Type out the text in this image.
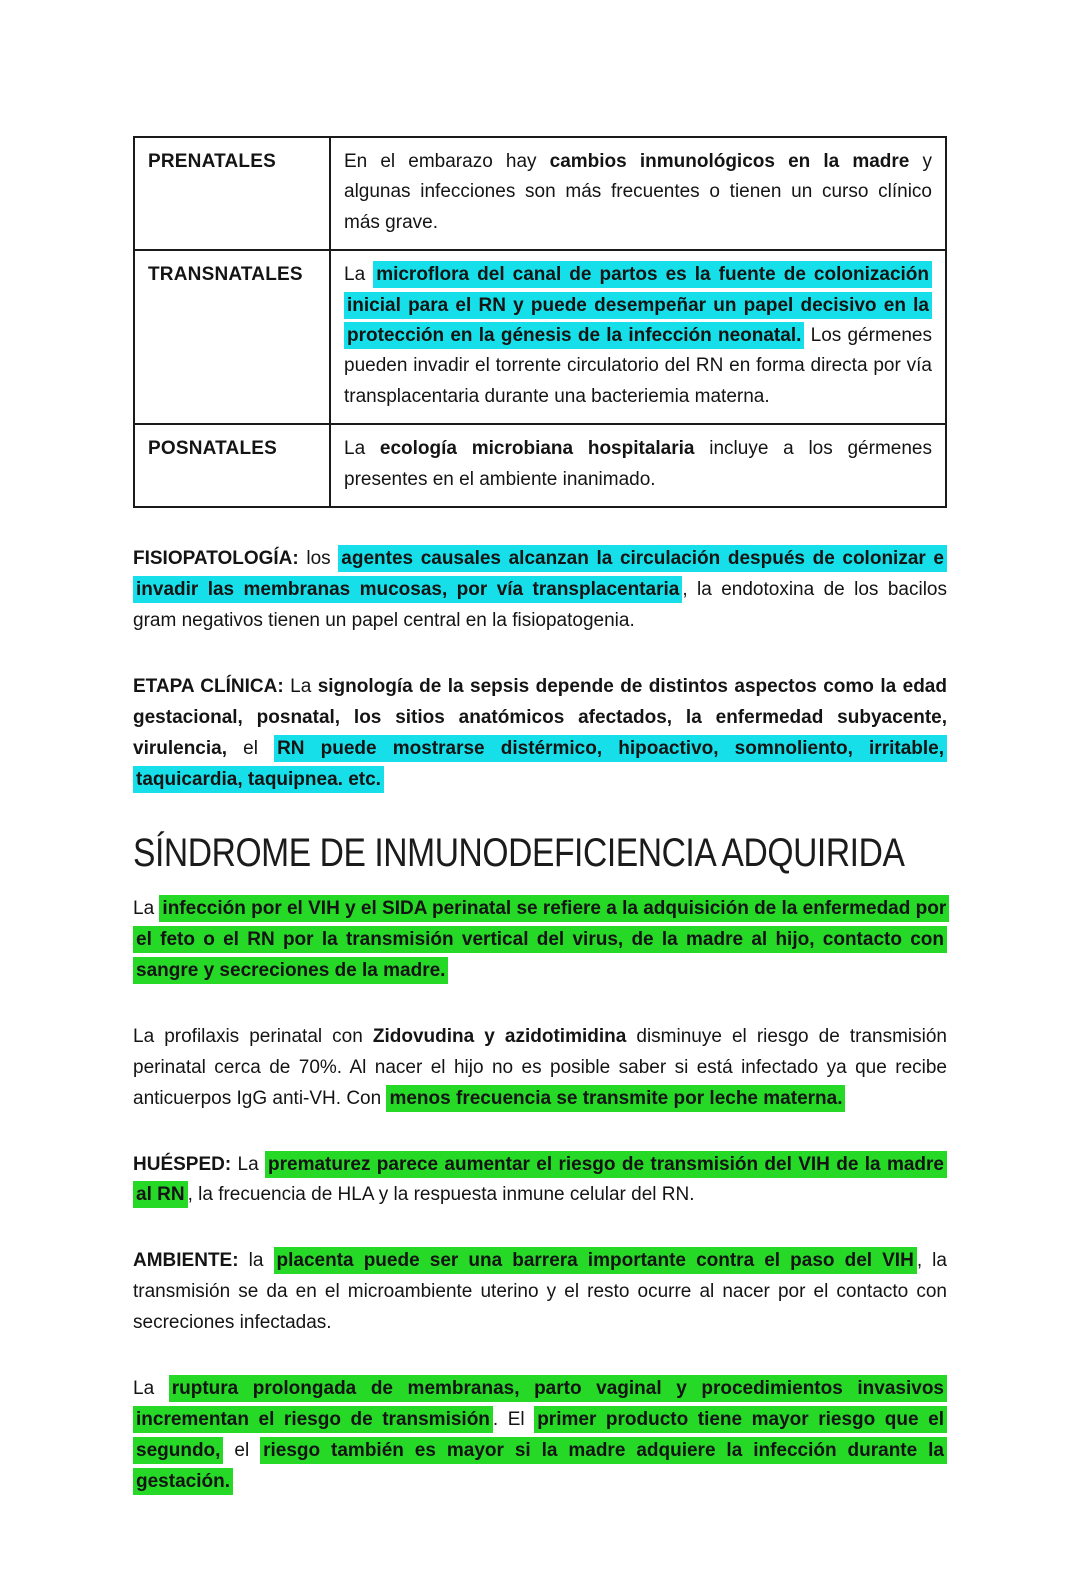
PRENATALES	En el embarazo hay cambios inmunológicos en la madre y algunas infecciones son más frecuentes o tienen un curso clínico más grave.
TRANSNATALES	La microflora del canal de partos es la fuente de colonización inicial para el RN y puede desempeñar un papel decisivo en la protección en la génesis de la infección neonatal. Los gérmenes pueden invadir el torrente circulatorio del RN en forma directa por vía transplacentaria durante una bacteriemia materna.
POSNATALES	La ecología microbiana hospitalaria incluye a los gérmenes presentes en el ambiente inanimado.

FISIOPATOLOGÍA: los agentes causales alcanzan la circulación después de colonizar e invadir las membranas mucosas, por vía transplacentaria , la endotoxina de los bacilos gram negativos tienen un papel central en la fisiopatogenia.

ETAPA CLÍNICA: La signología de la sepsis depende de distintos aspectos como la edad gestacional, posnatal, los sitios anatómicos afectados, la enfermedad subyacente, virulencia, el RN puede mostrarse distérmico, hipoactivo, somnoliento, irritable, taquicardia, taquipnea. etc.

SÍNDROME DE INMUNODEFICIENCIA ADQUIRIDA

La infección por el VIH y el SIDA perinatal se refiere a la adquisición de la enfermedad por el feto o el RN por la transmisión vertical del virus, de la madre al hijo, contacto con sangre y secreciones de la madre.

La profilaxis perinatal con Zidovudina y azidotimidina disminuye el riesgo de transmisión perinatal cerca de 70%. Al nacer el hijo no es posible saber si está infectado ya que recibe anticuerpos IgG anti-VH. Con menos frecuencia se transmite por leche materna.

HUÉSPED: La prematurez parece aumentar el riesgo de transmisión del VIH de la madre al RN , la frecuencia de HLA y la respuesta inmune celular del RN.

AMBIENTE: la placenta puede ser una barrera importante contra el paso del VIH , la transmisión se da en el microambiente uterino y el resto ocurre al nacer por el contacto con secreciones infectadas.

La ruptura prolongada de membranas, parto vaginal y procedimientos invasivos incrementan el riesgo de transmisión . El primer producto tiene mayor riesgo que el segundo, el riesgo también es mayor si la madre adquiere la infección durante la gestación.
